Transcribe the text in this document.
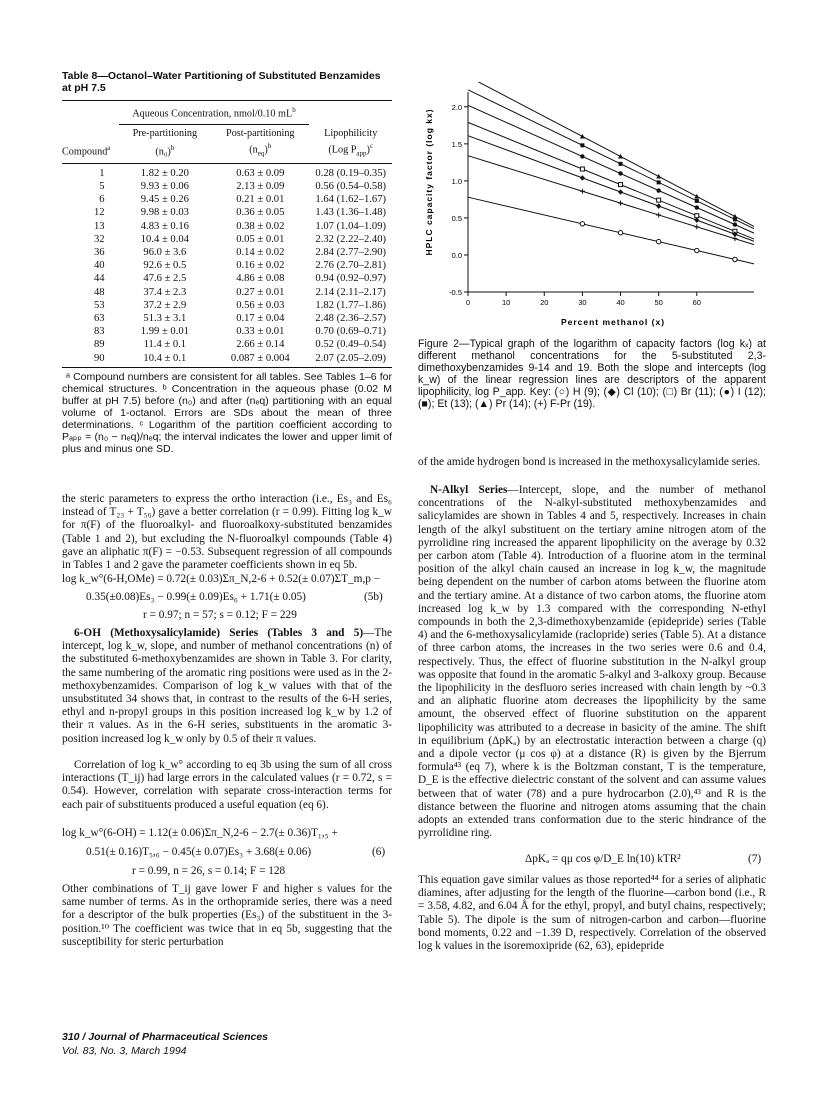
Table 8—Octanol–Water Partitioning of Substituted Benzamides at pH 7.5

	Aqueous Concentration, nmol/0.10 $mL^b$	

	Pre-partitioning	Post-partitioning	Lipophilicity
Compound$^a$	$(n_0)^b$	$(n_{eq})^b$	(Log $P_{app})^c$
1	1.82 ± 0.20	0.63 ± 0.09	0.28 (0.19–0.35)
5	9.93 ± 0.06	2.13 ± 0.09	0.56 (0.54–0.58)
6	9.45 ± 0.26	0.21 ± 0.01	1.64 (1.62–1.67)
12	9.98 ± 0.03	0.36 ± 0.05	1.43 (1.36–1.48)
13	4.83 ± 0.16	0.38 ± 0.02	1.07 (1.04–1.09)
32	10.4 ± 0.04	0.05 ± 0.01	2.32 (2.22–2.40)
36	96.0 ± 3.6	0.14 ± 0.02	2.84 (2.77–2.90)
40	92.6 ± 0.5	0.16 ± 0.02	2.76 (2.70–2.81)
44	47.6 ± 2.5	4.86 ± 0.08	0.94 (0.92–0.97)
48	37.4 ± 2.3	0.27 ± 0.01	2.14 (2.11–2.17)
53	37.2 ± 2.9	0.56 ± 0.03	1.82 (1.77–1.86)
63	51.3 ± 3.1	0.17 ± 0.04	2.48 (2.36–2.57)
83	1.99 ± 0.01	0.33 ± 0.01	0.70 (0.69–0.71)
89	11.4 ± 0.1	2.66 ± 0.14	0.52 (0.49–0.54)
90	10.4 ± 0.1	0.087 ± 0.004	2.07 (2.05–2.09)

ᵃ Compound numbers are consistent for all tables. See Tables 1–6 for chemical structures. ᵇ Concentration in the aqueous phase (0.02 M buffer at pH 7.5) before (n₀) and after (nₑq) partitioning with an equal volume of 1-octanol. Errors are SDs about the mean of three determinations. ᶜ Logarithm of the partition coefficient according to Pₐₚₚ = (n₀ − nₑq)/nₑq; the interval indicates the lower and upper limit of plus and minus one SD.

the steric parameters to express the ortho interaction (i.e., Es₃ and Es₆ instead of T₂₃ + T₅₆) gave a better correlation (r = 0.99). Fitting log k_w for π(F) of the fluoroalkyl- and fluoroalkoxy-substituted benzamides (Table 1 and 2), but excluding the N-fluoroalkyl compounds (Table 4) gave an aliphatic π(F) = −0.53. Subsequent regression of all compounds in Tables 1 and 2 gave the parameter coefficients shown in eq 5b.

log k_w°(6-H,OMe) = 0.72(± 0.03)Σπ_N,2-6 + 0.52(± 0.07)ΣT_m,p −
0.35(±0.08)Es₃ − 0.99(± 0.09)Es₆ + 1.71(± 0.05)	(5b)
r = 0.97; n = 57; s = 0.12; F = 229

6-OH (Methoxysalicylamide) Series (Tables 3 and 5)—The intercept, log k_w, slope, and number of methanol concentrations (n) of the substituted 6-methoxybenzamides are shown in Table 3. For clarity, the same numbering of the aromatic ring positions were used as in the 2-methoxybenzamides. Comparison of log k_w values with that of the unsubstituted 34 shows that, in contrast to the results of the 6-H series, ethyl and n-propyl groups in this position increased log k_w by 1.2 of their π values. As in the 6-H series, substituents in the aromatic 3-position increased log k_w only by 0.5 of their π values.

Correlation of log k_w° according to eq 3b using the sum of all cross interactions (T_ij) had large errors in the calculated values (r = 0.72, s = 0.54). However, correlation with separate cross-interaction terms for each pair of substituents produced a useful equation (eq 6).

log k_w°(6-OH) = 1.12(± 0.06)Σπ_N,2-6 − 2.7(± 0.36)T₁,₅ +
0.51(± 0.16)T₅,₆ − 0.45(± 0.07)Es₃ + 3.68(± 0.06)	(6)
r = 0.99, n = 26, s = 0.14; F = 128

Other combinations of T_ij gave lower F and higher s values for the same number of terms. As in the orthopramide series, there was a need for a descriptor of the bulk properties (Es₃) of the substituent in the 3-position.¹⁰ The coefficient was twice that in eq 5b, suggesting that the susceptibility for steric perturbation

-0.5
0.0
0.5
1.0
1.5
2.0
0	10	20	30	40	50	60
HPLC capacity factor (log kx)
Percent methanol (x)

Figure 2—Typical graph of the logarithm of capacity factors (log kₓ) at different methanol concentrations for the 5-substituted 2,3-dimethoxybenzamides 9-14 and 19. Both the slope and intercepts (log k_w) of the linear regression lines are descriptors of the apparent lipophilicity, log P_app. Key: (○) H (9); (◆) Cl (10); (□) Br (11); (●) I (12); (■); Et (13); (▲) Pr (14); (+) F-Pr (19).

of the amide hydrogen bond is increased in the methoxysalicylamide series.

N-Alkyl Series—Intercept, slope, and the number of methanol concentrations of the N-alkyl-substituted methoxybenzamides and salicylamides are shown in Tables 4 and 5, respectively. Increases in chain length of the alkyl substituent on the tertiary amine nitrogen atom of the pyrrolidine ring increased the apparent lipophilicity on the average by 0.32 per carbon atom (Table 4). Introduction of a fluorine atom in the terminal position of the alkyl chain caused an increase in log k_w, the magnitude being dependent on the number of carbon atoms between the fluorine atom and the tertiary amine. At a distance of two carbon atoms, the fluorine atom increased log k_w by 1.3 compared with the corresponding N-ethyl compounds in both the 2,3-dimethoxybenzamide (epidepride) series (Table 4) and the 6-methoxysalicylamide (raclopride) series (Table 5). At a distance of three carbon atoms, the increases in the two series were 0.6 and 0.4, respectively. Thus, the effect of fluorine substitution in the N-alkyl group was opposite that found in the aromatic 5-alkyl and 3-alkoxy group. Because the lipophilicity in the desfluoro series increased with chain length by ~0.3 and an aliphatic fluorine atom decreases the lipophilicity by the same amount, the observed effect of fluorine substitution on the apparent lipophilicity was attributed to a decrease in basicity of the amine. The shift in equilibrium (ΔpKₐ) by an electrostatic interaction between a charge (q) and a dipole vector (μ cos φ) at a distance (R) is given by the Bjerrum formula⁴³ (eq 7), where k is the Boltzman constant, T is the temperature, D_E is the effective dielectric constant of the solvent and can assume values between that of water (78) and a pure hydrocarbon (2.0),⁴³ and R is the distance between the fluorine and nitrogen atoms assuming that the chain adopts an extended trans conformation due to the steric hindrance of the pyrrolidine ring.

ΔpKₐ = qμ cos φ/D_E ln(10) kTR²	(7)

This equation gave similar values as those reported⁴⁴ for a series of aliphatic diamines, after adjusting for the length of the fluorine—carbon bond (i.e., R = 3.58, 4.82, and 6.04 Å for the ethyl, propyl, and butyl chains, respectively; Table 5). The dipole is the sum of nitrogen-carbon and carbon—fluorine bond moments, 0.22 and −1.39 D, respectively. Correlation of the observed log k values in the isoremoxipride (62, 63), epidepride

310 / Journal of Pharmaceutical Sciences
Vol. 83, No. 3, March 1994
